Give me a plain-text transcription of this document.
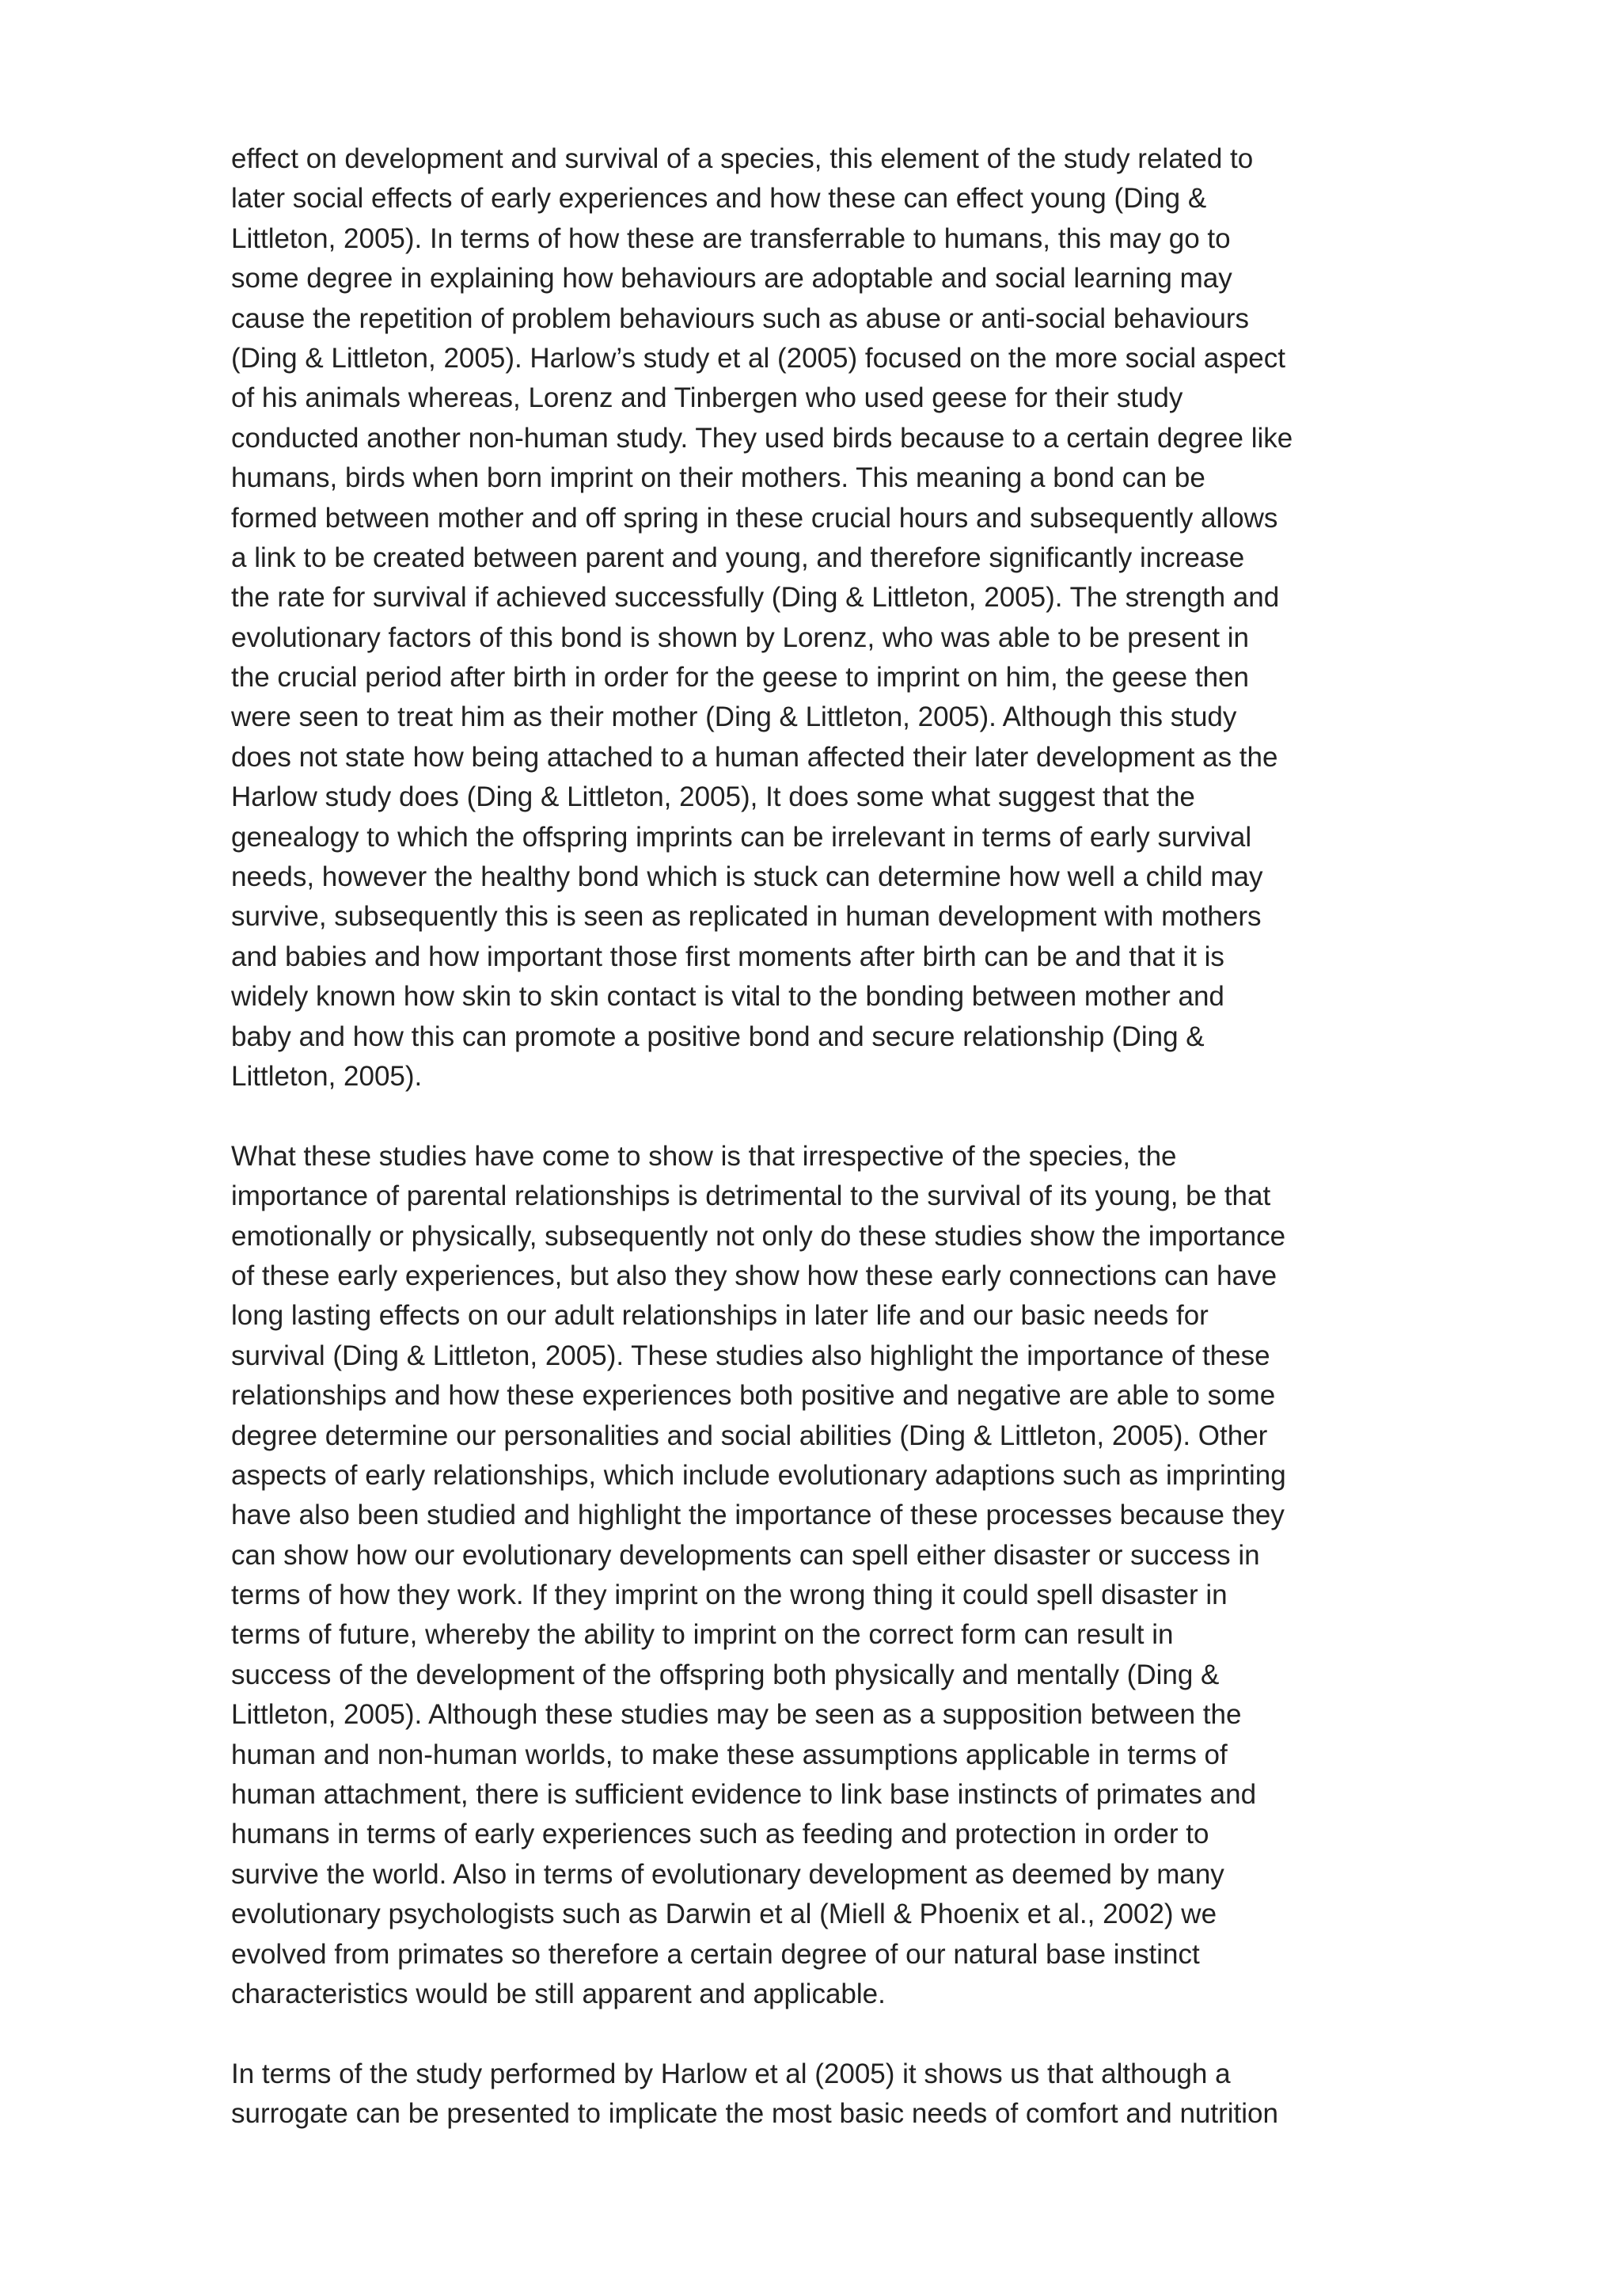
effect on development and survival of a species, this element of the study related to
later social effects of early experiences and how these can effect young (Ding &
Littleton, 2005). In terms of how these are transferrable to humans, this may go to
some degree in explaining how behaviours are adoptable and social learning may
cause the repetition of problem behaviours such as abuse or anti-social behaviours
(Ding & Littleton, 2005). Harlow’s study et al (2005) focused on the more social aspect
of his animals whereas, Lorenz and Tinbergen who used geese for their study
conducted another non-human study. They used birds because to a certain degree like
humans, birds when born imprint on their mothers. This meaning a bond can be
formed between mother and off spring in these crucial hours and subsequently allows
a link to be created between parent and young, and therefore significantly increase
the rate for survival if achieved successfully (Ding & Littleton, 2005). The strength and
evolutionary factors of this bond is shown by Lorenz, who was able to be present in
the crucial period after birth in order for the geese to imprint on him, the geese then
were seen to treat him as their mother (Ding & Littleton, 2005). Although this study
does not state how being attached to a human affected their later development as the
Harlow study does (Ding & Littleton, 2005), It does some what suggest that the
genealogy to which the offspring imprints can be irrelevant in terms of early survival
needs, however the healthy bond which is stuck can determine how well a child may
survive, subsequently this is seen as replicated in human development with mothers
and babies and how important those first moments after birth can be and that it is
widely known how skin to skin contact is vital to the bonding between mother and
baby and how this can promote a positive bond and secure relationship (Ding &
Littleton, 2005).
What these studies have come to show is that irrespective of the species, the
importance of parental relationships is detrimental to the survival of its young, be that
emotionally or physically, subsequently not only do these studies show the importance
of these early experiences, but also they show how these early connections can have
long lasting effects on our adult relationships in later life and our basic needs for
survival (Ding & Littleton, 2005). These studies also highlight the importance of these
relationships and how these experiences both positive and negative are able to some
degree determine our personalities and social abilities (Ding & Littleton, 2005). Other
aspects of early relationships, which include evolutionary adaptions such as imprinting
have also been studied and highlight the importance of these processes because they
can show how our evolutionary developments can spell either disaster or success in
terms of how they work. If they imprint on the wrong thing it could spell disaster in
terms of future, whereby the ability to imprint on the correct form can result in
success of the development of the offspring both physically and mentally (Ding &
Littleton, 2005). Although these studies may be seen as a supposition between the
human and non-human worlds, to make these assumptions applicable in terms of
human attachment, there is sufficient evidence to link base instincts of primates and
humans in terms of early experiences such as feeding and protection in order to
survive the world. Also in terms of evolutionary development as deemed by many
evolutionary psychologists such as Darwin et al (Miell & Phoenix et al., 2002) we
evolved from primates so therefore a certain degree of our natural base instinct
characteristics would be still apparent and applicable.
In terms of the study performed by Harlow et al (2005) it shows us that although a
surrogate can be presented to implicate the most basic needs of comfort and nutrition
